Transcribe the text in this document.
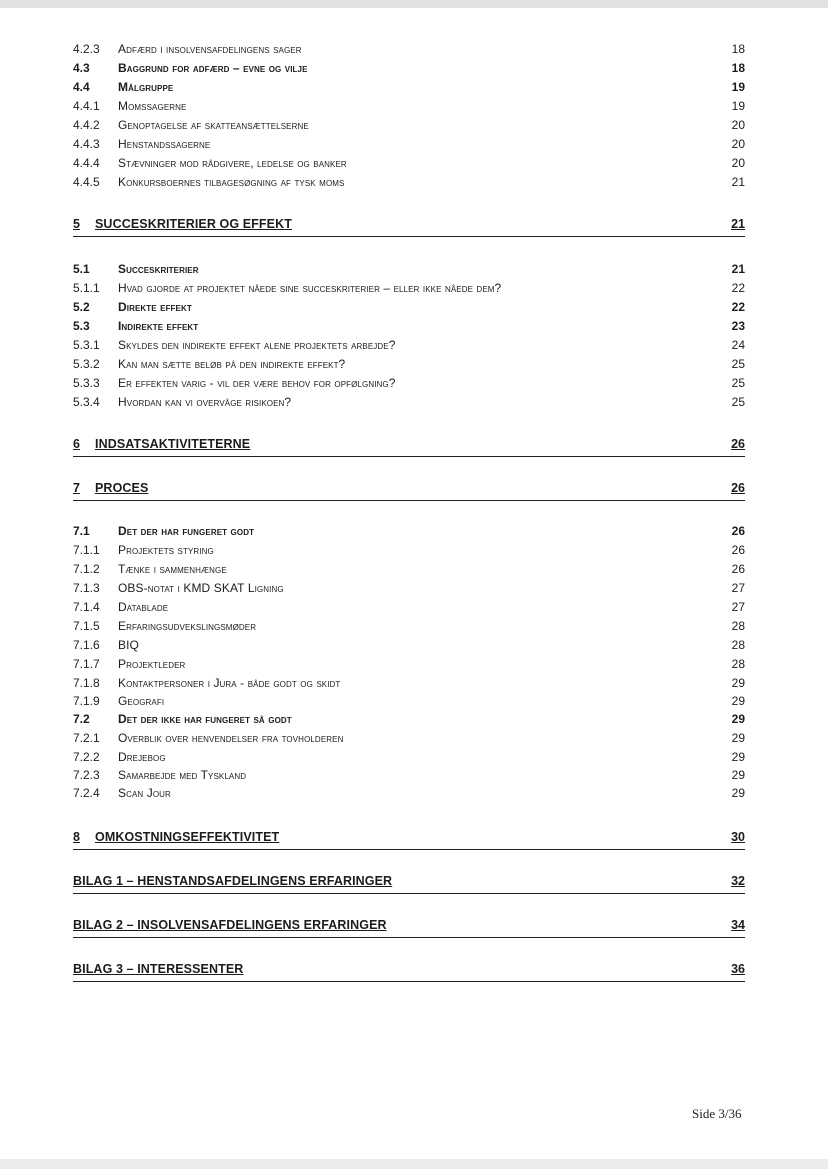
4.2.3 Adfærd i insolvensafdelingens sager	18
4.3 Baggrund for adfærd – evne og vilje	18
4.4 Målgruppe	19
4.4.1 Momssagerne	19
4.4.2 Genoptagelse af skatteansættelserne	20
4.4.3 Henstandssagerne	20
4.4.4 Stævninger mod rådgivere, ledelse og banker	20
4.4.5 Konkursboernes tilbagesøgning af tysk moms	21
5 SUCCESKRITERIER OG EFFEKT	21
5.1 Succeskriterier	21
5.1.1 Hvad gjorde at projektet nåede sine succeskriterier – eller ikke nåede dem?	22
5.2 Direkte effekt	22
5.3 Indirekte effekt	23
5.3.1 Skyldes den indirekte effekt alene projektets arbejde?	24
5.3.2 Kan man sætte beløb på den indirekte effekt?	25
5.3.3 Er effekten varig - vil der være behov for opfølgning?	25
5.3.4 Hvordan kan vi overvåge risikoen?	25
6 INDSATSAKTIVITETERNE	26
7 PROCES	26
7.1 Det der har fungeret godt	26
7.1.1 Projektets styring	26
7.1.2 Tænke i sammenhænge	26
7.1.3 OBS-notat i KMD SKAT Ligning	27
7.1.4 Datablade	27
7.1.5 Erfaringsudvekslingsmøder	28
7.1.6 BIQ	28
7.1.7 Projektleder	28
7.1.8 Kontaktpersoner i Jura - både godt og skidt	29
7.1.9 Geografi	29
7.2 Det der ikke har fungeret så godt	29
7.2.1 Overblik over henvendelser fra tovholderen	29
7.2.2 Drejebog	29
7.2.3 Samarbejde med Tyskland	29
7.2.4 Scan Jour	29
8 OMKOSTNINGSEFFEKTIVITET	30
BILAG 1 – HENSTANDSAFDELINGENS ERFARINGER	32
BILAG 2 – INSOLVENSAFDELINGENS ERFARINGER	34
BILAG 3 – INTERESSENTER	36
Side 3/36
